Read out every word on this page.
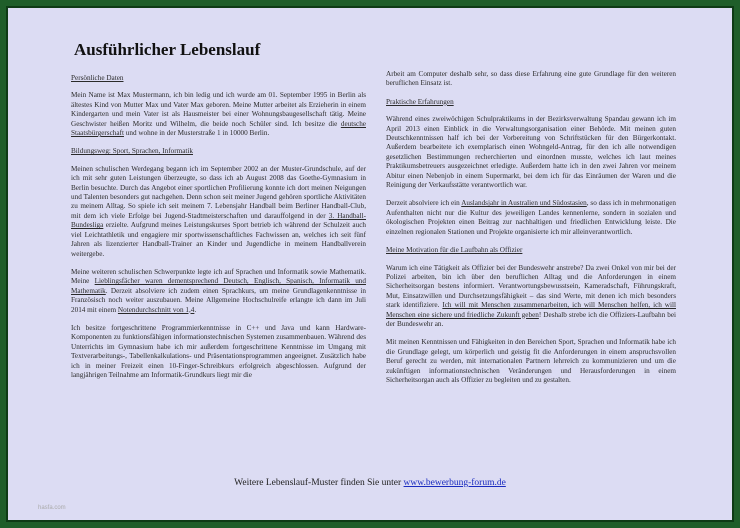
Ausführlicher Lebenslauf
Persönliche Daten

Mein Name ist Max Mustermann, ich bin ledig und ich wurde am 01. September 1995 in Berlin als ältestes Kind von Mutter Max und Vater Max geboren. Meine Mutter arbeitet als Erzieherin in einem Kindergarten und mein Vater ist als Hausmeister bei einer Wohnungsbaugesellschaft tätig. Meine Geschwister heißen Moritz und Wilhelm, die beide noch Schüler sind. Ich besitze die deutsche Staatsbürgerschaft und wohne in der Musterstraße 1 in 10000 Berlin.

Bildungsweg: Sport, Sprachen, Informatik

Meinen schulischen Werdegang begann ich im September 2002 an der Muster-Grundschule, auf der ich mit sehr guten Leistungen überzeugte, so dass ich ab August 2008 das Goethe-Gymnasium in Berlin besuchte. Durch das Angebot einer sportlichen Profilierung konnte ich dort meinen Neigungen und Talenten besonders gut nachgehen. Denn schon seit meiner Jugend gehören sportliche Aktivitäten zu meinem Alltag. So spiele ich seit meinem 7. Lebensjahr Handball beim Berliner Handball-Club, mit dem ich viele Erfolge bei Jugend-Stadtmeisterschaften und darauffolgend in der 3. Handball-Bundesliga erzielte. Aufgrund meines Leistungskurses Sport betrieb ich während der Schulzeit auch viel Leichtathletik und engagiere mir sportwissenschaftliches Fachwissen an, welches ich seit fünf Jahren als lizenzierter Handball-Trainer an Kinder und Jugendliche in meinem Handballverein weitergebe.

Meine weiteren schulischen Schwerpunkte legte ich auf Sprachen und Informatik sowie Mathematik. Meine Lieblingsfächer waren dementsprechend Deutsch, Englisch, Spanisch, Informatik und Mathematik. Derzeit absolviere ich zudem einen Sprachkurs, um meine Grundlagenkenntnisse in Französisch noch weiter auszubauen. Meine Allgemeine Hochschulreife erlangte ich dann im Juli 2014 mit einem Notendurchschnitt von 1,4.

Ich besitze fortgeschrittene Programmierkenntnisse in C++ und Java und kann Hardware-Komponenten zu funktionsfähigen informationstechnischen Systemen zusammenbauen. Während des Unterrichts im Gymnasium habe ich mir außerdem fortgeschrittene Kenntnisse im Umgang mit Textverarbeitungs-, Tabellenkalkulations- und Präsentationsprogrammen angeeignet. Zusätzlich habe ich in meiner Freizeit einen 10-Finger-Schreibkurs erfolgreich abgeschlossen. Aufgrund der langjährigen Teilnahme am Informatik-Grundkurs liegt mir die

Arbeit am Computer deshalb sehr, so dass diese Erfahrung eine gute Grundlage für den weiteren beruflichen Einsatz ist.

Praktische Erfahrungen

Während eines zweiwöchigen Schulpraktikums in der Bezirksverwaltung Spandau gewann ich im April 2013 einen Einblick in die Verwaltungsorganisation einer Behörde. Mit meinen guten Deutschkenntnissen half ich bei der Vorbereitung von Schriftstücken für den Bürgerkontakt. Außerdem bearbeitete ich exemplarisch einen Wohngeld-Antrag, für den ich alle notwendigen gesetzlichen Bestimmungen recherchierten und einordnen musste, welches ich laut meines Praktikumsbetreuers ausgezeichnet erledigte. Außerdem hatte ich in den zwei Jahren vor meinem Abitur einen Nebenjob in einem Supermarkt, bei dem ich für das Einräumen der Waren und die Reinigung der Verkaufsstätte verantwortlich war.

Derzeit absolviere ich ein Auslandsjahr in Australien und Südostasien, so dass ich in mehrmonatigen Aufenthalten nicht nur die Kultur des jeweiligen Landes kennenlerne, sondern in sozialen und ökologischen Projekten einen Beitrag zur nachhaltigen und friedlichen Entwicklung leiste. Die einzelnen regionalen Stationen und Projekte organisierte ich mir alleinverantwortlich.

Meine Motivation für die Laufbahn als Offizier

Warum ich eine Tätigkeit als Offizier bei der Bundeswehr anstrebe? Da zwei Onkel von mir bei der Polizei arbeiten, bin ich über den beruflichen Alltag und die Anforderungen in einem Sicherheitsorgan bestens informiert. Verantwortungsbewusstsein, Kameradschaft, Führungskraft, Mut, Einsatzwillen und Durchsetzungsfähigkeit – das sind Werte, mit denen ich mich besonders stark identifiziere. Ich will mit Menschen zusammenarbeiten, ich will Menschen helfen, ich will Menschen eine sichere und friedliche Zukunft geben! Deshalb strebe ich die Offiziers-Laufbahn bei der Bundeswehr an.

Mit meinen Kenntnissen und Fähigkeiten in den Bereichen Sport, Sprachen und Informatik habe ich die Grundlage gelegt, um körperlich und geistig fit die Anforderungen in einem anspruchsvollen Beruf gerecht zu werden, mit internationalen Partnern lehrreich zu kommunizieren und um die zukünftigen informationstechnischen Veränderungen und Herausforderungen in einem Sicherheitsorgan auch als Offizier zu begleiten und zu gestalten.

Weitere Lebenslauf-Muster finden Sie unter www.bewerbung-forum.de
hasfa.com
